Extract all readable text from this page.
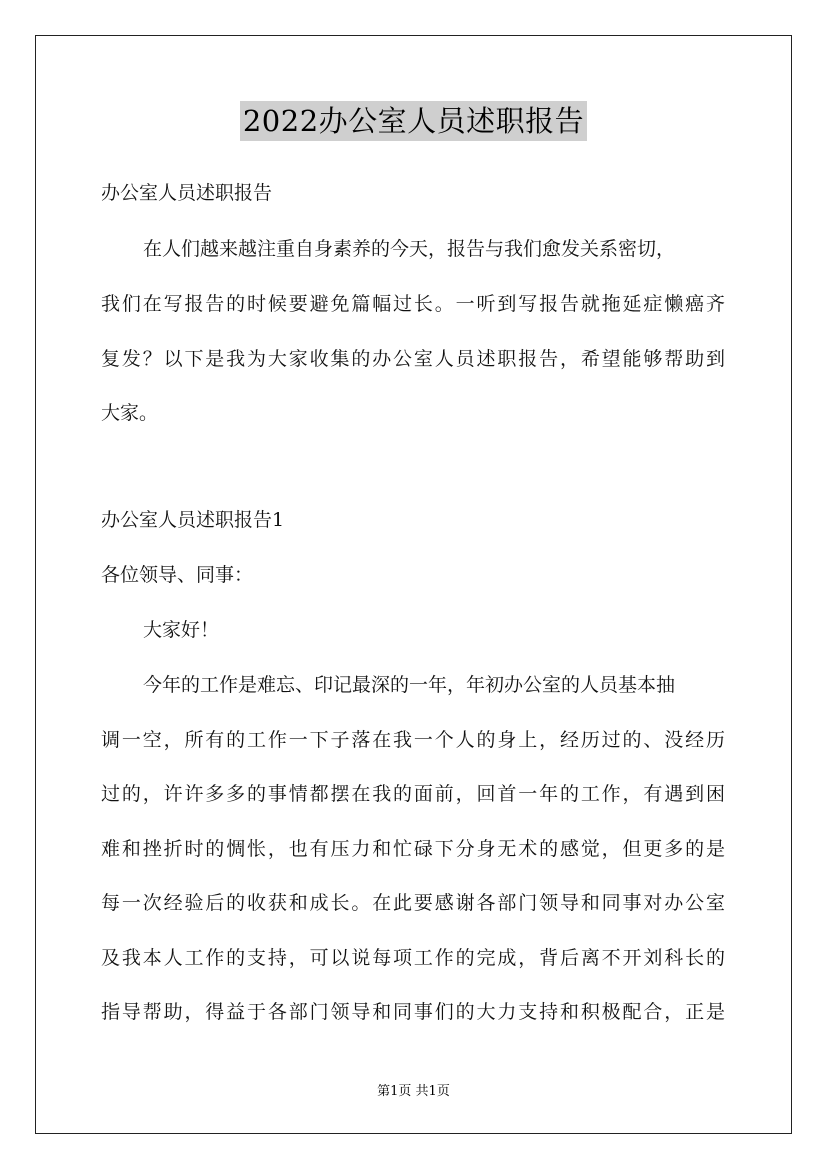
2022办公室人员述职报告
办公室人员述职报告
在人们越来越注重自身素养的今天，报告与我们愈发关系密切，
我们在写报告的时候要避免篇幅过长。一听到写报告就拖延症懒癌齐
复发？以下是我为大家收集的办公室人员述职报告，希望能够帮助到
大家。
办公室人员述职报告1
各位领导、同事：
大家好！
今年的工作是难忘、印记最深的一年，年初办公室的人员基本抽
调一空，所有的工作一下子落在我一个人的身上，经历过的、没经历
过的，许许多多的事情都摆在我的面前，回首一年的工作，有遇到困
难和挫折时的惆怅，也有压力和忙碌下分身无术的感觉，但更多的是
每一次经验后的收获和成长。在此要感谢各部门领导和同事对办公室
及我本人工作的支持，可以说每项工作的完成，背后离不开刘科长的
指导帮助，得益于各部门领导和同事们的大力支持和积极配合，正是
第1页 共1页
